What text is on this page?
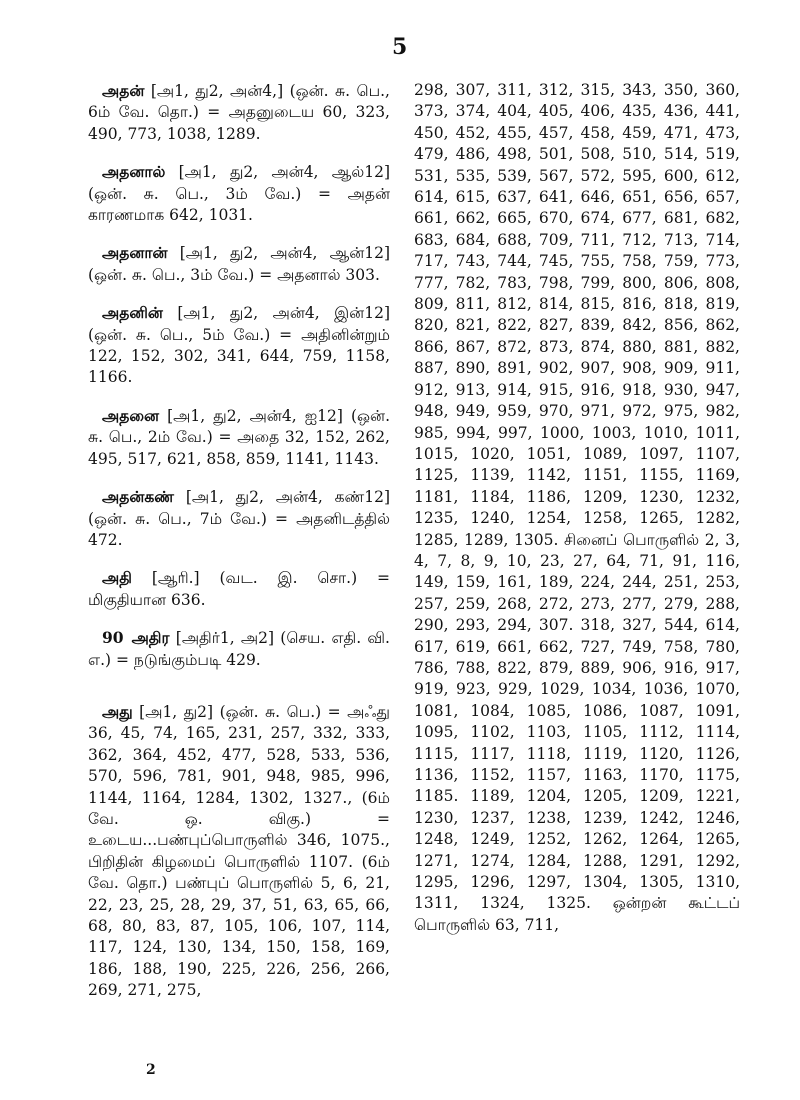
5

அதன் [அ1, து2, அன்4,] (ஒன். சு. பெ., 6ம் வே. தொ.) = அதனுடைய 60, 323, 490, 773, 1038, 1289.

அதனால் [அ1, து2, அன்4, ஆல்12] (ஒன். சு. பெ., 3ம் வே.) = அதன் காரணமாக 642, 1031.

அதனான் [அ1, து2, அன்4, ஆன்12] (ஒன். சு. பெ., 3ம் வே.) = அதனால் 303.

அதனின் [அ1, து2, அன்4, இன்12] (ஒன். சு. பெ., 5ம் வே.) = அதினின்றும் 122, 152, 302, 341, 644, 759, 1158, 1166.

அதனை [அ1, து2, அன்4, ஐ12] (ஒன். சு. பெ., 2ம் வே.) = அதை 32, 152, 262, 495, 517, 621, 858, 859, 1141, 1143.

அதன்கண் [அ1, து2, அன்4, கண்12] (ஒன். சு. பெ., 7ம் வே.) = அதனிடத்தில் 472.

அதி [ஆரி.] (வட. இ. சொ.) = மிகுதியான 636.

90 அதிர [அதிர்1, அ2] (செய. எதி. வி. எ.) = நடுங்கும்படி 429.

அது [அ1, து2] (ஒன். சு. பெ.) = அஃது 36, 45, 74, 165, 231, 257, 332, 333, 362, 364, 452, 477, 528, 533, 536, 570, 596, 781, 901, 948, 985, 996, 1144, 1164, 1284, 1302, 1327., (6ம் வே. ஒ. விகு.) = உடைய...பண்புப்பொருளில் 346, 1075., பிறிதின் கிழமைப் பொருளில் 1107. (6ம் வே. தொ.) பண்புப் பொருளில் 5, 6, 21, 22, 23, 25, 28, 29, 37, 51, 63, 65, 66, 68, 80, 83, 87, 105, 106, 107, 114, 117, 124, 130, 134, 150, 158, 169, 186, 188, 190, 225, 226, 256, 266, 269, 271, 275,

298, 307, 311, 312, 315, 343, 350, 360, 373, 374, 404, 405, 406, 435, 436, 441, 450, 452, 455, 457, 458, 459, 471, 473, 479, 486, 498, 501, 508, 510, 514, 519, 531, 535, 539, 567, 572, 595, 600, 612, 614, 615, 637, 641, 646, 651, 656, 657, 661, 662, 665, 670, 674, 677, 681, 682, 683, 684, 688, 709, 711, 712, 713, 714, 717, 743, 744, 745, 755, 758, 759, 773, 777, 782, 783, 798, 799, 800, 806, 808, 809, 811, 812, 814, 815, 816, 818, 819, 820, 821, 822, 827, 839, 842, 856, 862, 866, 867, 872, 873, 874, 880, 881, 882, 887, 890, 891, 902, 907, 908, 909, 911, 912, 913, 914, 915, 916, 918, 930, 947, 948, 949, 959, 970, 971, 972, 975, 982, 985, 994, 997, 1000, 1003, 1010, 1011, 1015, 1020, 1051, 1089, 1097, 1107, 1125, 1139, 1142, 1151, 1155, 1169, 1181, 1184, 1186, 1209, 1230, 1232, 1235, 1240, 1254, 1258, 1265, 1282, 1285, 1289, 1305. சினைப் பொருளில் 2, 3, 4, 7, 8, 9, 10, 23, 27, 64, 71, 91, 116, 149, 159, 161, 189, 224, 244, 251, 253, 257, 259, 268, 272, 273, 277, 279, 288, 290, 293, 294, 307. 318, 327, 544, 614, 617, 619, 661, 662, 727, 749, 758, 780, 786, 788, 822, 879, 889, 906, 916, 917, 919, 923, 929, 1029, 1034, 1036, 1070, 1081, 1084, 1085, 1086, 1087, 1091, 1095, 1102, 1103, 1105, 1112, 1114, 1115, 1117, 1118, 1119, 1120, 1126, 1136, 1152, 1157, 1163, 1170, 1175, 1185. 1189, 1204, 1205, 1209, 1221, 1230, 1237, 1238, 1239, 1242, 1246, 1248, 1249, 1252, 1262, 1264, 1265, 1271, 1274, 1284, 1288, 1291, 1292, 1295, 1296, 1297, 1304, 1305, 1310, 1311, 1324, 1325. ஒன்றன் கூட்டப் பொருளில் 63, 711,

2
